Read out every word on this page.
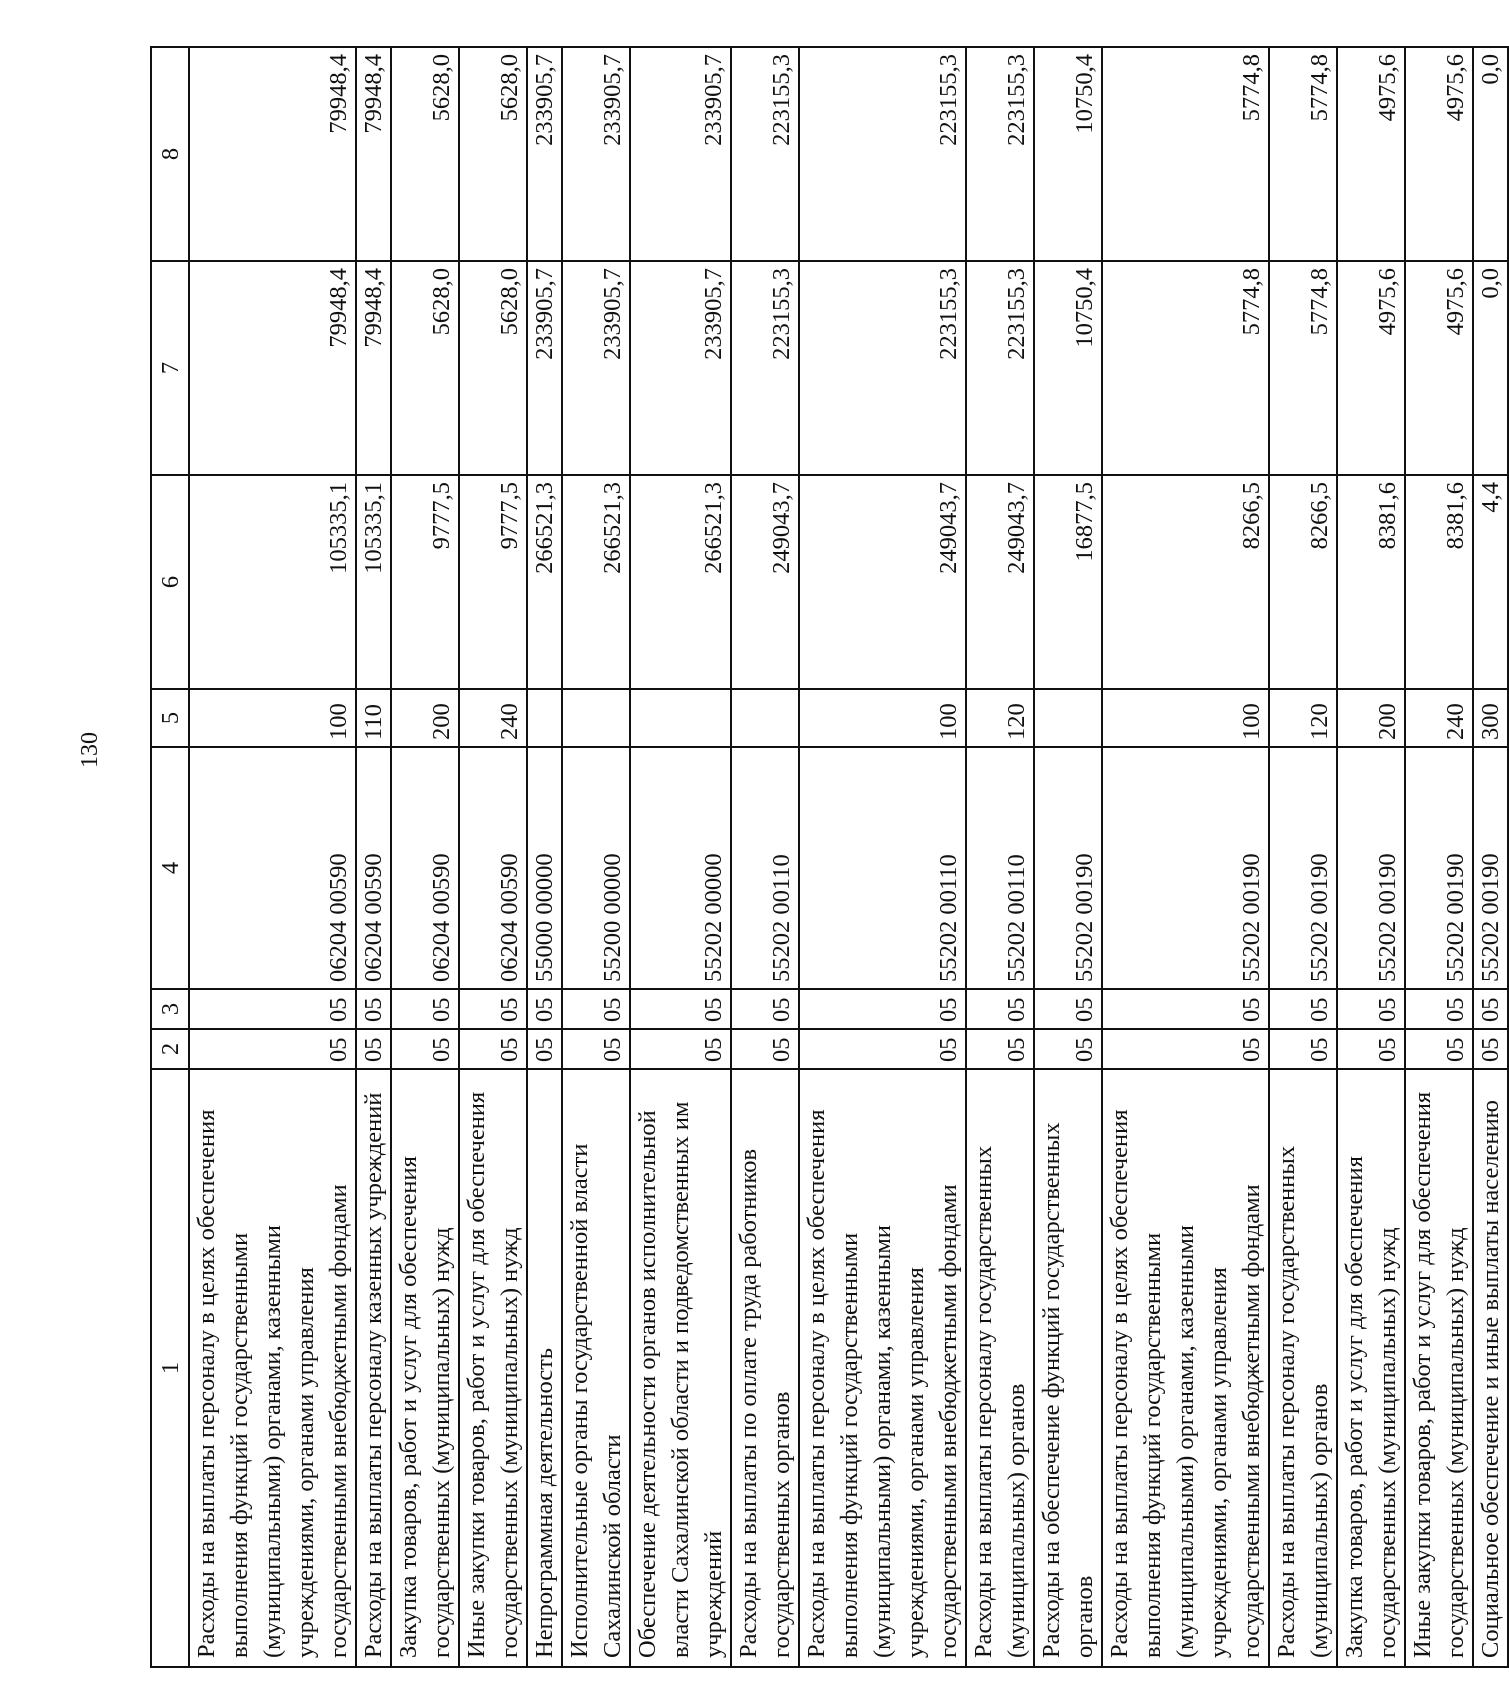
130
1	2	3	4	5	6	7	8
Расходы на выплаты персоналу в целях обеспечения выполнения функций государственными (муниципальными) органами, казенными учреждениями, органами управления государственными внебюджетными фондами	05	05	06204 00590	100	105335,1	79948,4	79948,4
Расходы на выплаты персоналу казенных учреждений	05	05	06204 00590	110	105335,1	79948,4	79948,4
Закупка товаров, работ и услуг для обеспечения государственных (муниципальных) нужд	05	05	06204 00590	200	9777,5	5628,0	5628,0
Иные закупки товаров, работ и услуг для обеспечения государственных (муниципальных) нужд	05	05	06204 00590	240	9777,5	5628,0	5628,0
Непрограммная деятельность	05	05	55000 00000		266521,3	233905,7	233905,7
Исполнительные органы государственной власти Сахалинской области	05	05	55200 00000		266521,3	233905,7	233905,7
Обеспечение деятельности органов исполнительной власти Сахалинской области и подведомственных им учреждений	05	05	55202 00000		266521,3	233905,7	233905,7
Расходы на выплаты по оплате труда работников государственных органов	05	05	55202 00110		249043,7	223155,3	223155,3
Расходы на выплаты персоналу в целях обеспечения выполнения функций государственными (муниципальными) органами, казенными учреждениями, органами управления государственными внебюджетными фондами	05	05	55202 00110	100	249043,7	223155,3	223155,3
Расходы на выплаты персоналу государственных (муниципальных) органов	05	05	55202 00110	120	249043,7	223155,3	223155,3
Расходы на обеспечение функций государственных органов	05	05	55202 00190		16877,5	10750,4	10750,4
Расходы на выплаты персоналу в целях обеспечения выполнения функций государственными (муниципальными) органами, казенными учреждениями, органами управления государственными внебюджетными фондами	05	05	55202 00190	100	8266,5	5774,8	5774,8
Расходы на выплаты персоналу государственных (муниципальных) органов	05	05	55202 00190	120	8266,5	5774,8	5774,8
Закупка товаров, работ и услуг для обеспечения государственных (муниципальных) нужд	05	05	55202 00190	200	8381,6	4975,6	4975,6
Иные закупки товаров, работ и услуг для обеспечения государственных (муниципальных) нужд	05	05	55202 00190	240	8381,6	4975,6	4975,6
Социальное обеспечение и иные выплаты населению	05	05	55202 00190	300	4,4	0,0	0,0
